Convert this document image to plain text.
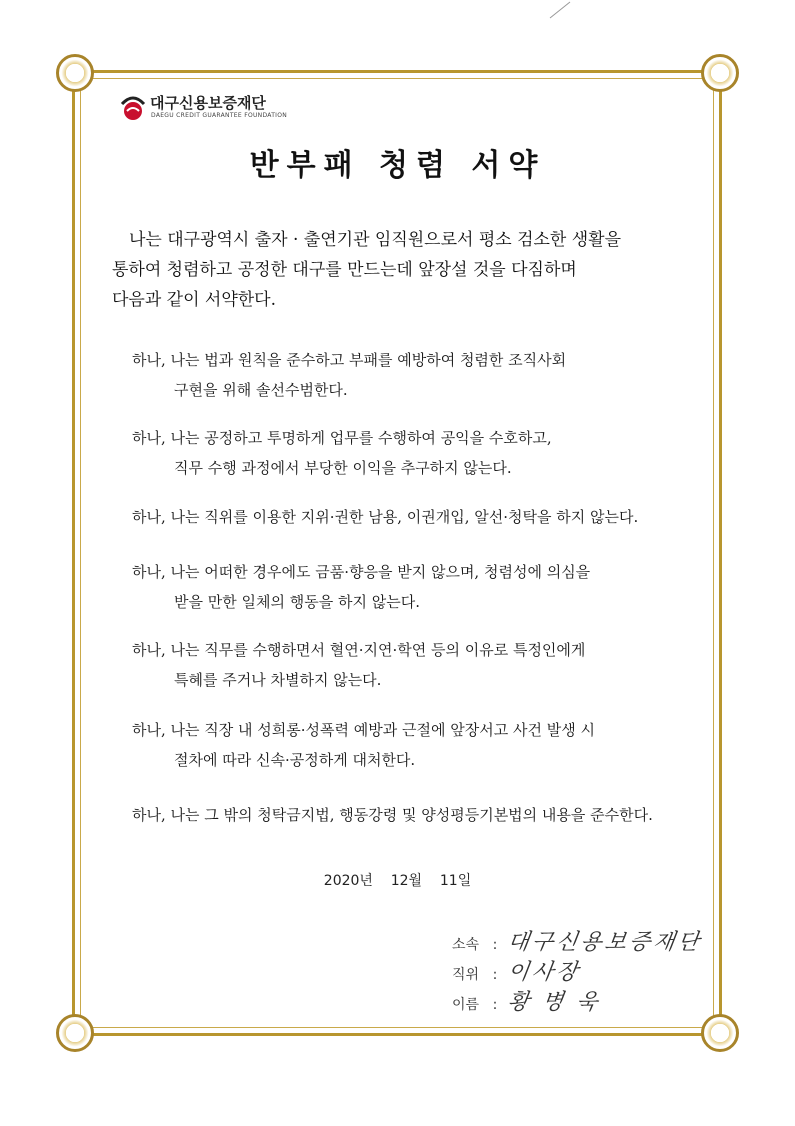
대구신용보증재단
DAEGU CREDIT GUARANTEE FOUNDATION
반부패 청렴 서약
나는 대구광역시 출자 · 출연기관 임직원으로서 평소 검소한 생활을
통하여 청렴하고 공정한 대구를 만드는데 앞장설 것을 다짐하며
다음과 같이 서약한다.
하나, 나는 법과 원칙을 준수하고 부패를 예방하여 청렴한 조직사회
구현을 위해 솔선수범한다.
하나, 나는 공정하고 투명하게 업무를 수행하여 공익을 수호하고,
직무 수행 과정에서 부당한 이익을 추구하지 않는다.
하나, 나는 직위를 이용한 지위·권한 남용, 이권개입, 알선·청탁을 하지 않는다.
하나, 나는 어떠한 경우에도 금품·향응을 받지 않으며, 청렴성에 의심을
받을 만한 일체의 행동을 하지 않는다.
하나, 나는 직무를 수행하면서 혈연·지연·학연 등의 이유로 특정인에게
특혜를 주거나 차별하지 않는다.
하나, 나는 직장 내 성희롱·성폭력 예방과 근절에 앞장서고 사건 발생 시
절차에 따라 신속·공정하게 대처한다.
하나, 나는 그 밖의 청탁금지법, 행동강령 및 양성평등기본법의 내용을 준수한다.
2020년    12월    11일
소속 : 대구신용보증재단
직위 : 이사장
이름 : 황 병 욱
